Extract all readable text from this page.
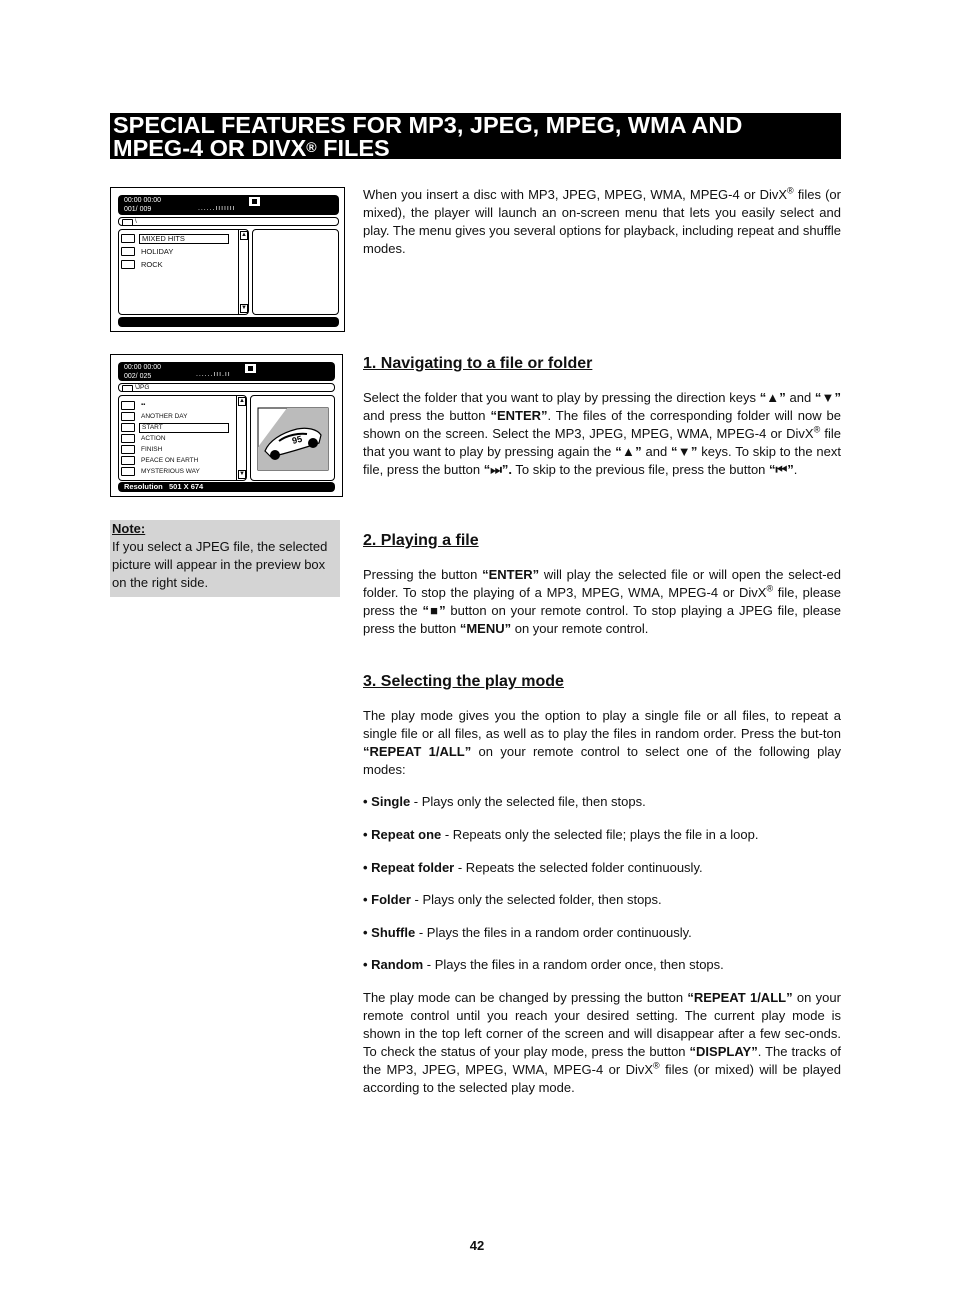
SPECIAL FEATURES FOR MP3, JPEG, MPEG, WMA AND
MPEG-4 OR DIVX® FILES
00:00 00:00
001/ 009	. . . . . . ı ı ı ı ı ı ı
\
MIXED HITS
HOLIDAY
ROCK
▲
▼
00:00 00:00
002/ 025	. . . . . . ı ı ı . ı ı
\JPG
▪▪
ANOTHER DAY
START
ACTION
FINISH
PEACE ON EARTH
MYSTERIOUS WAY
▲
▼
95
Resolution 501 X 674
Note:
If you select a JPEG file, the selected picture will appear in the preview box on the right side.

When you insert a disc with MP3, JPEG, MPEG, WMA, MPEG-4 or DivX® files (or mixed), the player will launch an on-screen menu that lets you easily select and play. The menu gives you several options for playback, including repeat and shuffle modes.

1. Navigating to a file or folder

Select the folder that you want to play by pressing the direction keys “▲” and “▼” and press the button “ENTER”. The files of the corresponding folder will now be shown on the screen. Select the MP3, JPEG, MPEG, WMA, MPEG-4 or DivX® file that you want to play by pressing again the “▲” and “▼” keys. To skip to the next file, press the button “⏭”. To skip to the previous file, press the button “⏮”.

2. Playing a file

Pressing the button “ENTER” will play the selected file or will open the select-ed folder. To stop the playing of a MP3, MPEG, WMA, MPEG-4 or DivX® file, please press the “■” button on your remote control. To stop playing a JPEG file, please press the button “MENU” on your remote control.

3. Selecting the play mode

The play mode gives you the option to play a single file or all files, to repeat a single file or all files, as well as to play the files in random order. Press the but-ton “REPEAT 1/ALL” on your remote control to select one of the following play modes:

• Single - Plays only the selected file, then stops.

• Repeat one - Repeats only the selected file; plays the file in a loop.

• Repeat folder - Repeats the selected folder continuously.

• Folder - Plays only the selected folder, then stops.

• Shuffle - Plays the files in a random order continuously.

• Random - Plays the files in a random order once, then stops.

The play mode can be changed by pressing the button “REPEAT 1/ALL” on your remote control until you reach your desired setting. The current play mode is shown in the top left corner of the screen and will disappear after a few sec-onds. To check the status of your play mode, press the button “DISPLAY”. The tracks of the MP3, JPEG, MPEG, WMA, MPEG-4 or DivX® files (or mixed) will be played according to the selected play mode.

42
